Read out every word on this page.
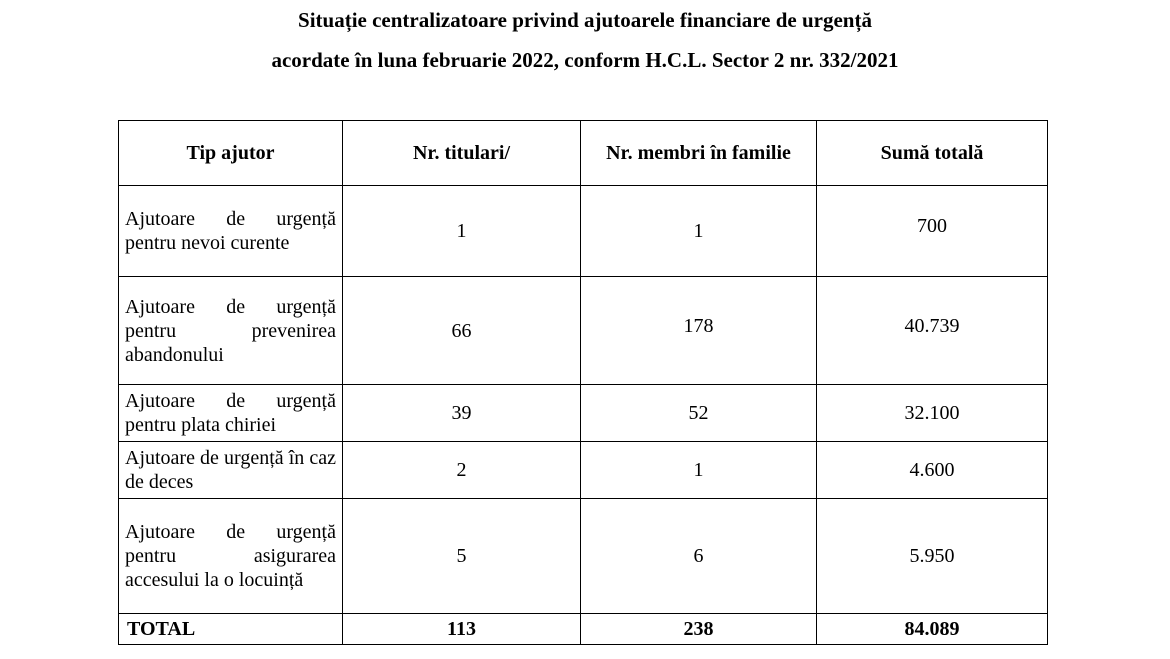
Situație centralizatoare privind ajutoarele financiare de urgență
acordate în luna februarie 2022, conform H.C.L. Sector 2 nr. 332/2021
Tip ajutor	Nr. titulari/	Nr. membri în familie	Sumă totală
Ajutoare de urgență pentru nevoi curente	1	1	700
Ajutoare de urgență pentru prevenirea abandonului	66	178	40.739
Ajutoare de urgență pentru plata chiriei	39	52	32.100
Ajutoare de urgență în caz de deces	2	1	4.600
Ajutoare de urgență pentru asigurarea accesului la o locuință	5	6	5.950
TOTAL	113	238	84.089
